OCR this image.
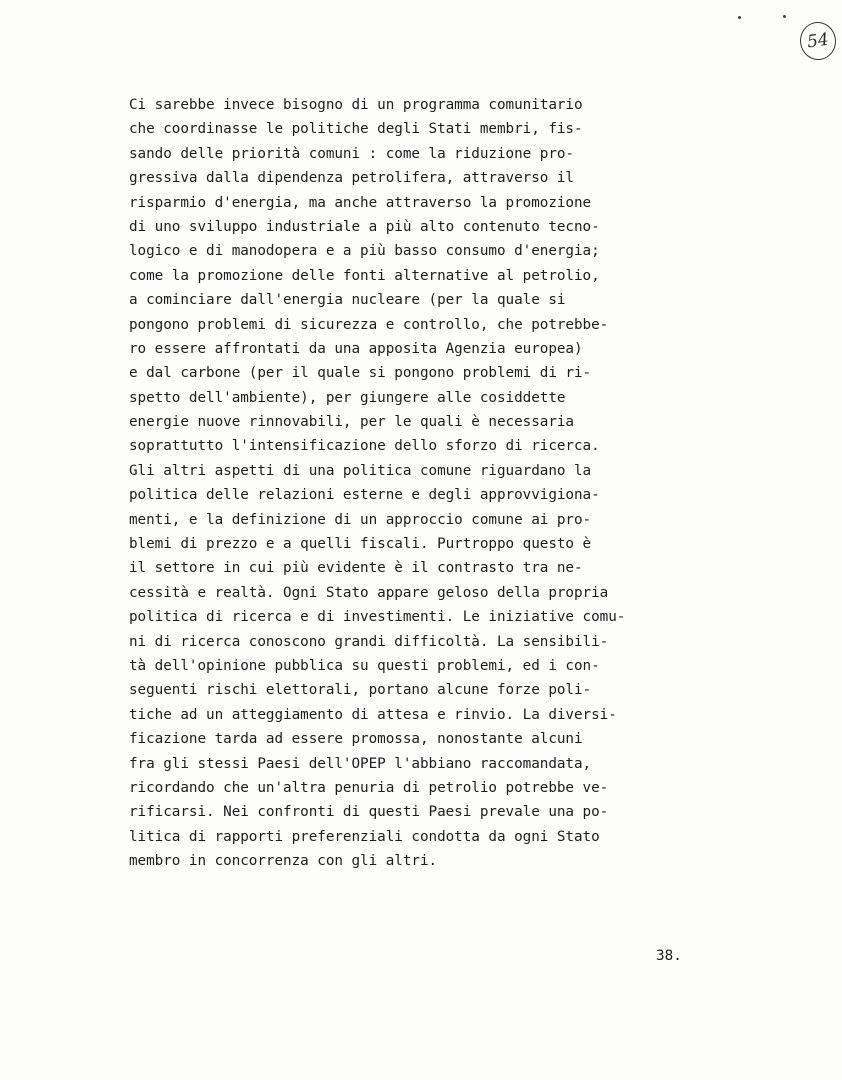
54
Ci sarebbe invece bisogno di un programma comunitario
che coordinasse le politiche degli Stati membri, fis-
sando delle priorità comuni : come la riduzione pro-
gressiva dalla dipendenza petrolifera, attraverso il
risparmio d'energia, ma anche attraverso la promozione
di uno sviluppo industriale a più alto contenuto tecno-
logico e di manodopera e a più basso consumo d'energia;
come la promozione delle fonti alternative al petrolio,
a cominciare dall'energia nucleare (per la quale si
pongono problemi di sicurezza e controllo, che potrebbe-
ro essere affrontati da una apposita Agenzia europea)
e dal carbone (per il quale si pongono problemi di ri-
spetto dell'ambiente), per giungere alle cosiddette
energie nuove rinnovabili, per le quali è necessaria
soprattutto l'intensificazione dello sforzo di ricerca.
Gli altri aspetti di una politica comune riguardano la
politica delle relazioni esterne e degli approvvigiona-
menti, e la definizione di un approccio comune ai pro-
blemi di prezzo e a quelli fiscali. Purtroppo questo è
il settore in cui più evidente è il contrasto tra ne-
cessità e realtà. Ogni Stato appare geloso della propria
politica di ricerca e di investimenti. Le iniziative comu-
ni di ricerca conoscono grandi difficoltà. La sensibili-
tà dell'opinione pubblica su questi problemi, ed i con-
seguenti rischi elettorali, portano alcune forze poli-
tiche ad un atteggiamento di attesa e rinvio. La diversi-
ficazione tarda ad essere promossa, nonostante alcuni
fra gli stessi Paesi dell'OPEP l'abbiano raccomandata,
ricordando che un'altra penuria di petrolio potrebbe ve-
rificarsi. Nei confronti di questi Paesi prevale una po-
litica di rapporti preferenziali condotta da ogni Stato
membro in concorrenza con gli altri.
38.
